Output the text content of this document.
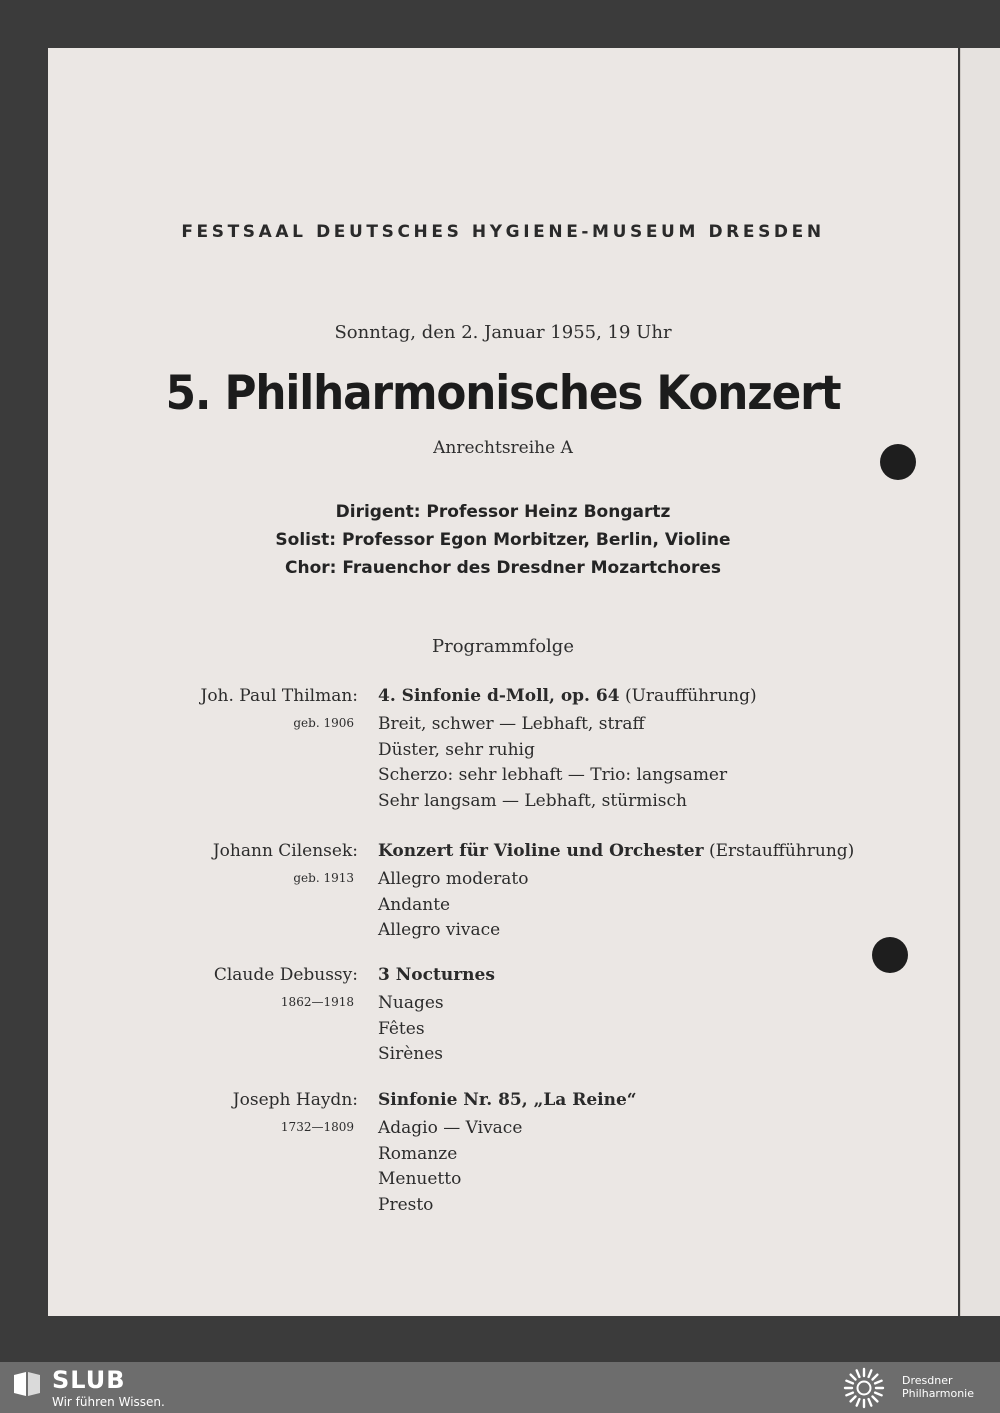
FESTSAAL DEUTSCHES HYGIENE-MUSEUM DRESDEN
Sonntag, den 2. Januar 1955, 19 Uhr
5. Philharmonisches Konzert
Anrechtsreihe A
Dirigent: Professor Heinz Bongartz
Solist: Professor Egon Morbitzer, Berlin, Violine
Chor: Frauenchor des Dresdner Mozartchores
Programmfolge
Joh. Paul Thilman:
geb. 1906
4. Sinfonie d-Moll, op. 64 (Uraufführung)
Breit, schwer — Lebhaft, straff
Düster, sehr ruhig
Scherzo: sehr lebhaft — Trio: langsamer
Sehr langsam — Lebhaft, stürmisch
Johann Cilensek:
geb. 1913
Konzert für Violine und Orchester (Erstaufführung)
Allegro moderato
Andante
Allegro vivace
Claude Debussy:
1862—1918
3 Nocturnes
Nuages
Fêtes
Sirènes
Joseph Haydn:
1732—1809
Sinfonie Nr. 85, „La Reine“
Adagio — Vivace
Romanze
Menuetto
Presto
SLUB
Wir führen Wissen.
Dresdner
Philharmonie
